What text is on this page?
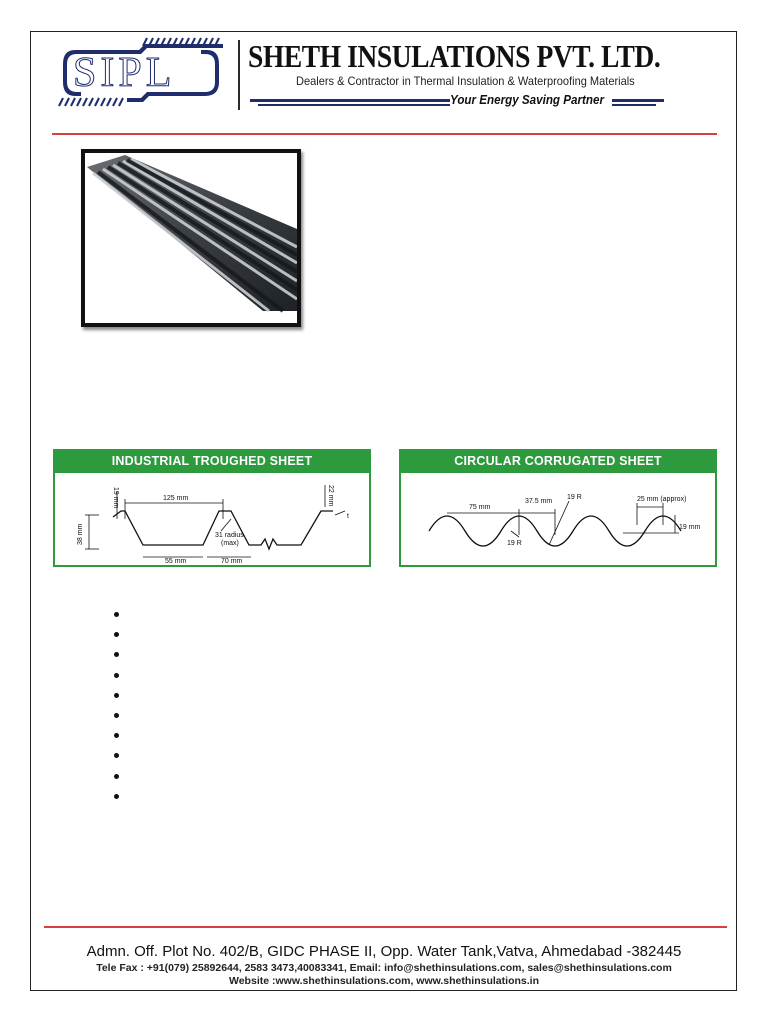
SIPL SHETH INSULATIONS PVT. LTD.
Dealers & Contractor in Thermal Insulation & Waterproofing Materials
Your Energy Saving Partner
INDUSTRIAL TROUGHED SHEET
19 mm	125 mm	22 mm
38 mm	31 radius
(max)
55 mm	70 mm
t
CIRCULAR CORRUGATED SHEET
75 mm
37.5 mm
19 R
19 R
25 mm (approx)
19 mm
Admn. Off. Plot No. 402/B, GIDC PHASE II, Opp. Water Tank,Vatva, Ahmedabad -382445
Tele Fax : +91(079) 25892644, 2583 3473,40083341, Email: info@shethinsulations.com, sales@shethinsulations.com
Website :www.shethinsulations.com, www.shethinsulations.in
